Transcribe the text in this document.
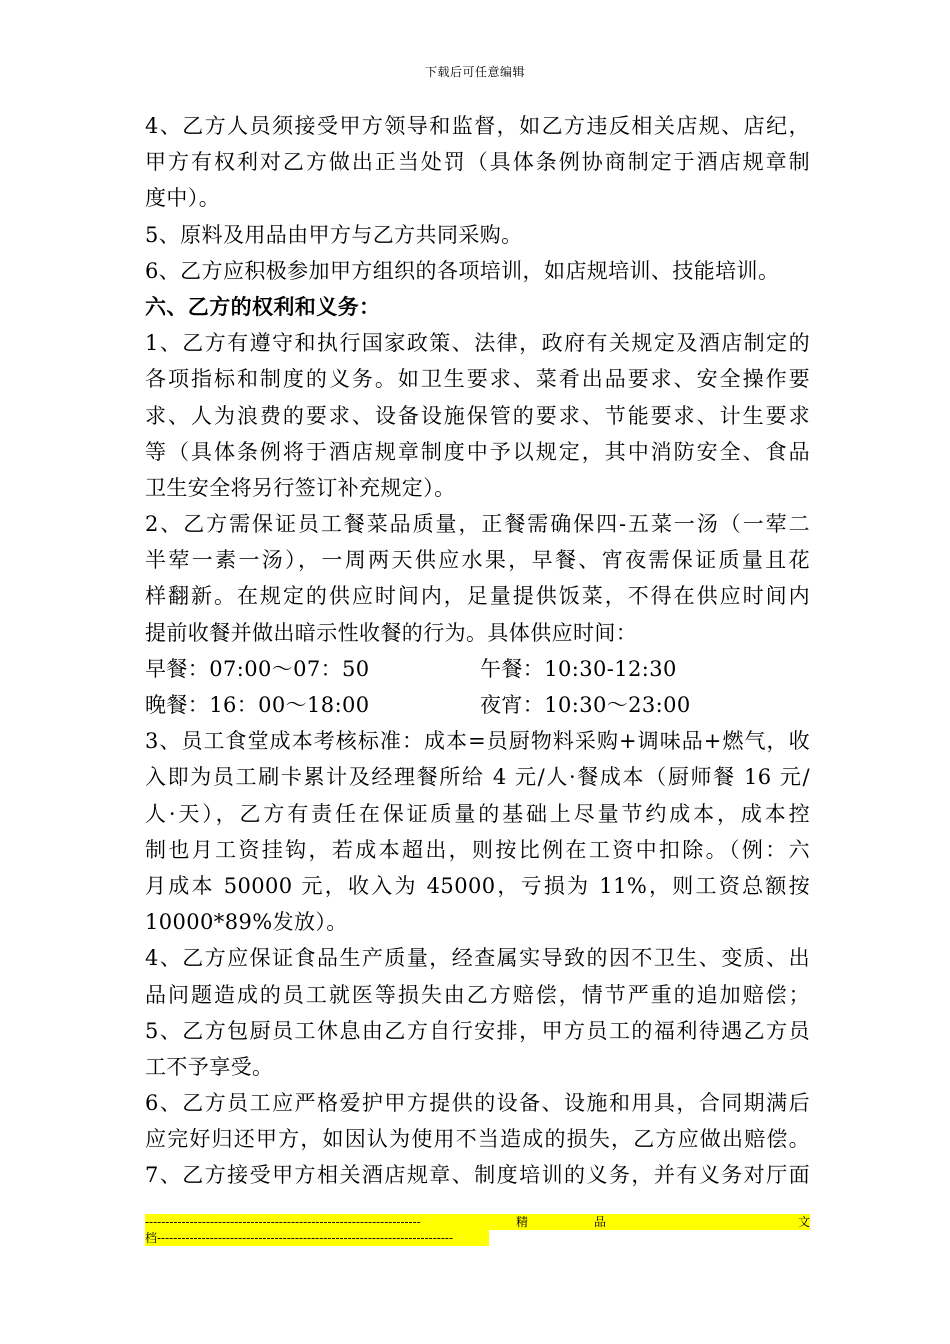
下载后可任意编辑
4、乙方人员须接受甲方领导和监督，如乙方违反相关店规、店纪，
甲方有权利对乙方做出正当处罚（具体条例协商制定于酒店规章制
度中）。
5、原料及用品由甲方与乙方共同采购。
6、乙方应积极参加甲方组织的各项培训，如店规培训、技能培训。
六、乙方的权利和义务：
1、乙方有遵守和执行国家政策、法律，政府有关规定及酒店制定的
各项指标和制度的义务。如卫生要求、菜肴出品要求、安全操作要
求、人为浪费的要求、设备设施保管的要求、节能要求、计生要求
等（具体条例将于酒店规章制度中予以规定，其中消防安全、食品
卫生安全将另行签订补充规定）。
2、乙方需保证员工餐菜品质量，正餐需确保四-五菜一汤（一荤二
半荤一素一汤），一周两天供应水果，早餐、宵夜需保证质量且花
样翻新。在规定的供应时间内，足量提供饭菜，不得在供应时间内
提前收餐并做出暗示性收餐的行为。具体供应时间：
早餐：07:00～07：50	午餐：10:30-12:30
晚餐：16：00～18:00	夜宵：10:30～23:00
3、员工食堂成本考核标准：成本=员厨物料采购+调味品+燃气，收
入即为员工刷卡累计及经理餐所给 4 元/人·餐成本（厨师餐 16 元/
人·天），乙方有责任在保证质量的基础上尽量节约成本，成本控
制也月工资挂钩，若成本超出，则按比例在工资中扣除。（例：六
月成本 50000 元，收入为 45000，亏损为 11%，则工资总额按
10000*89%发放）。
4、乙方应保证食品生产质量，经查属实导致的因不卫生、变质、出
品问题造成的员工就医等损失由乙方赔偿，情节严重的追加赔偿；
5、乙方包厨员工休息由乙方自行安排，甲方员工的福利待遇乙方员
工不予享受。
6、乙方员工应严格爱护甲方提供的设备、设施和用具，合同期满后
应完好归还甲方，如因认为使用不当造成的损失，乙方应做出赔偿。
7、乙方接受甲方相关酒店规章、制度培训的义务，并有义务对厅面
--------------------------------------------------------------------	精	品	文
档-------------------------------------------------------------------------
